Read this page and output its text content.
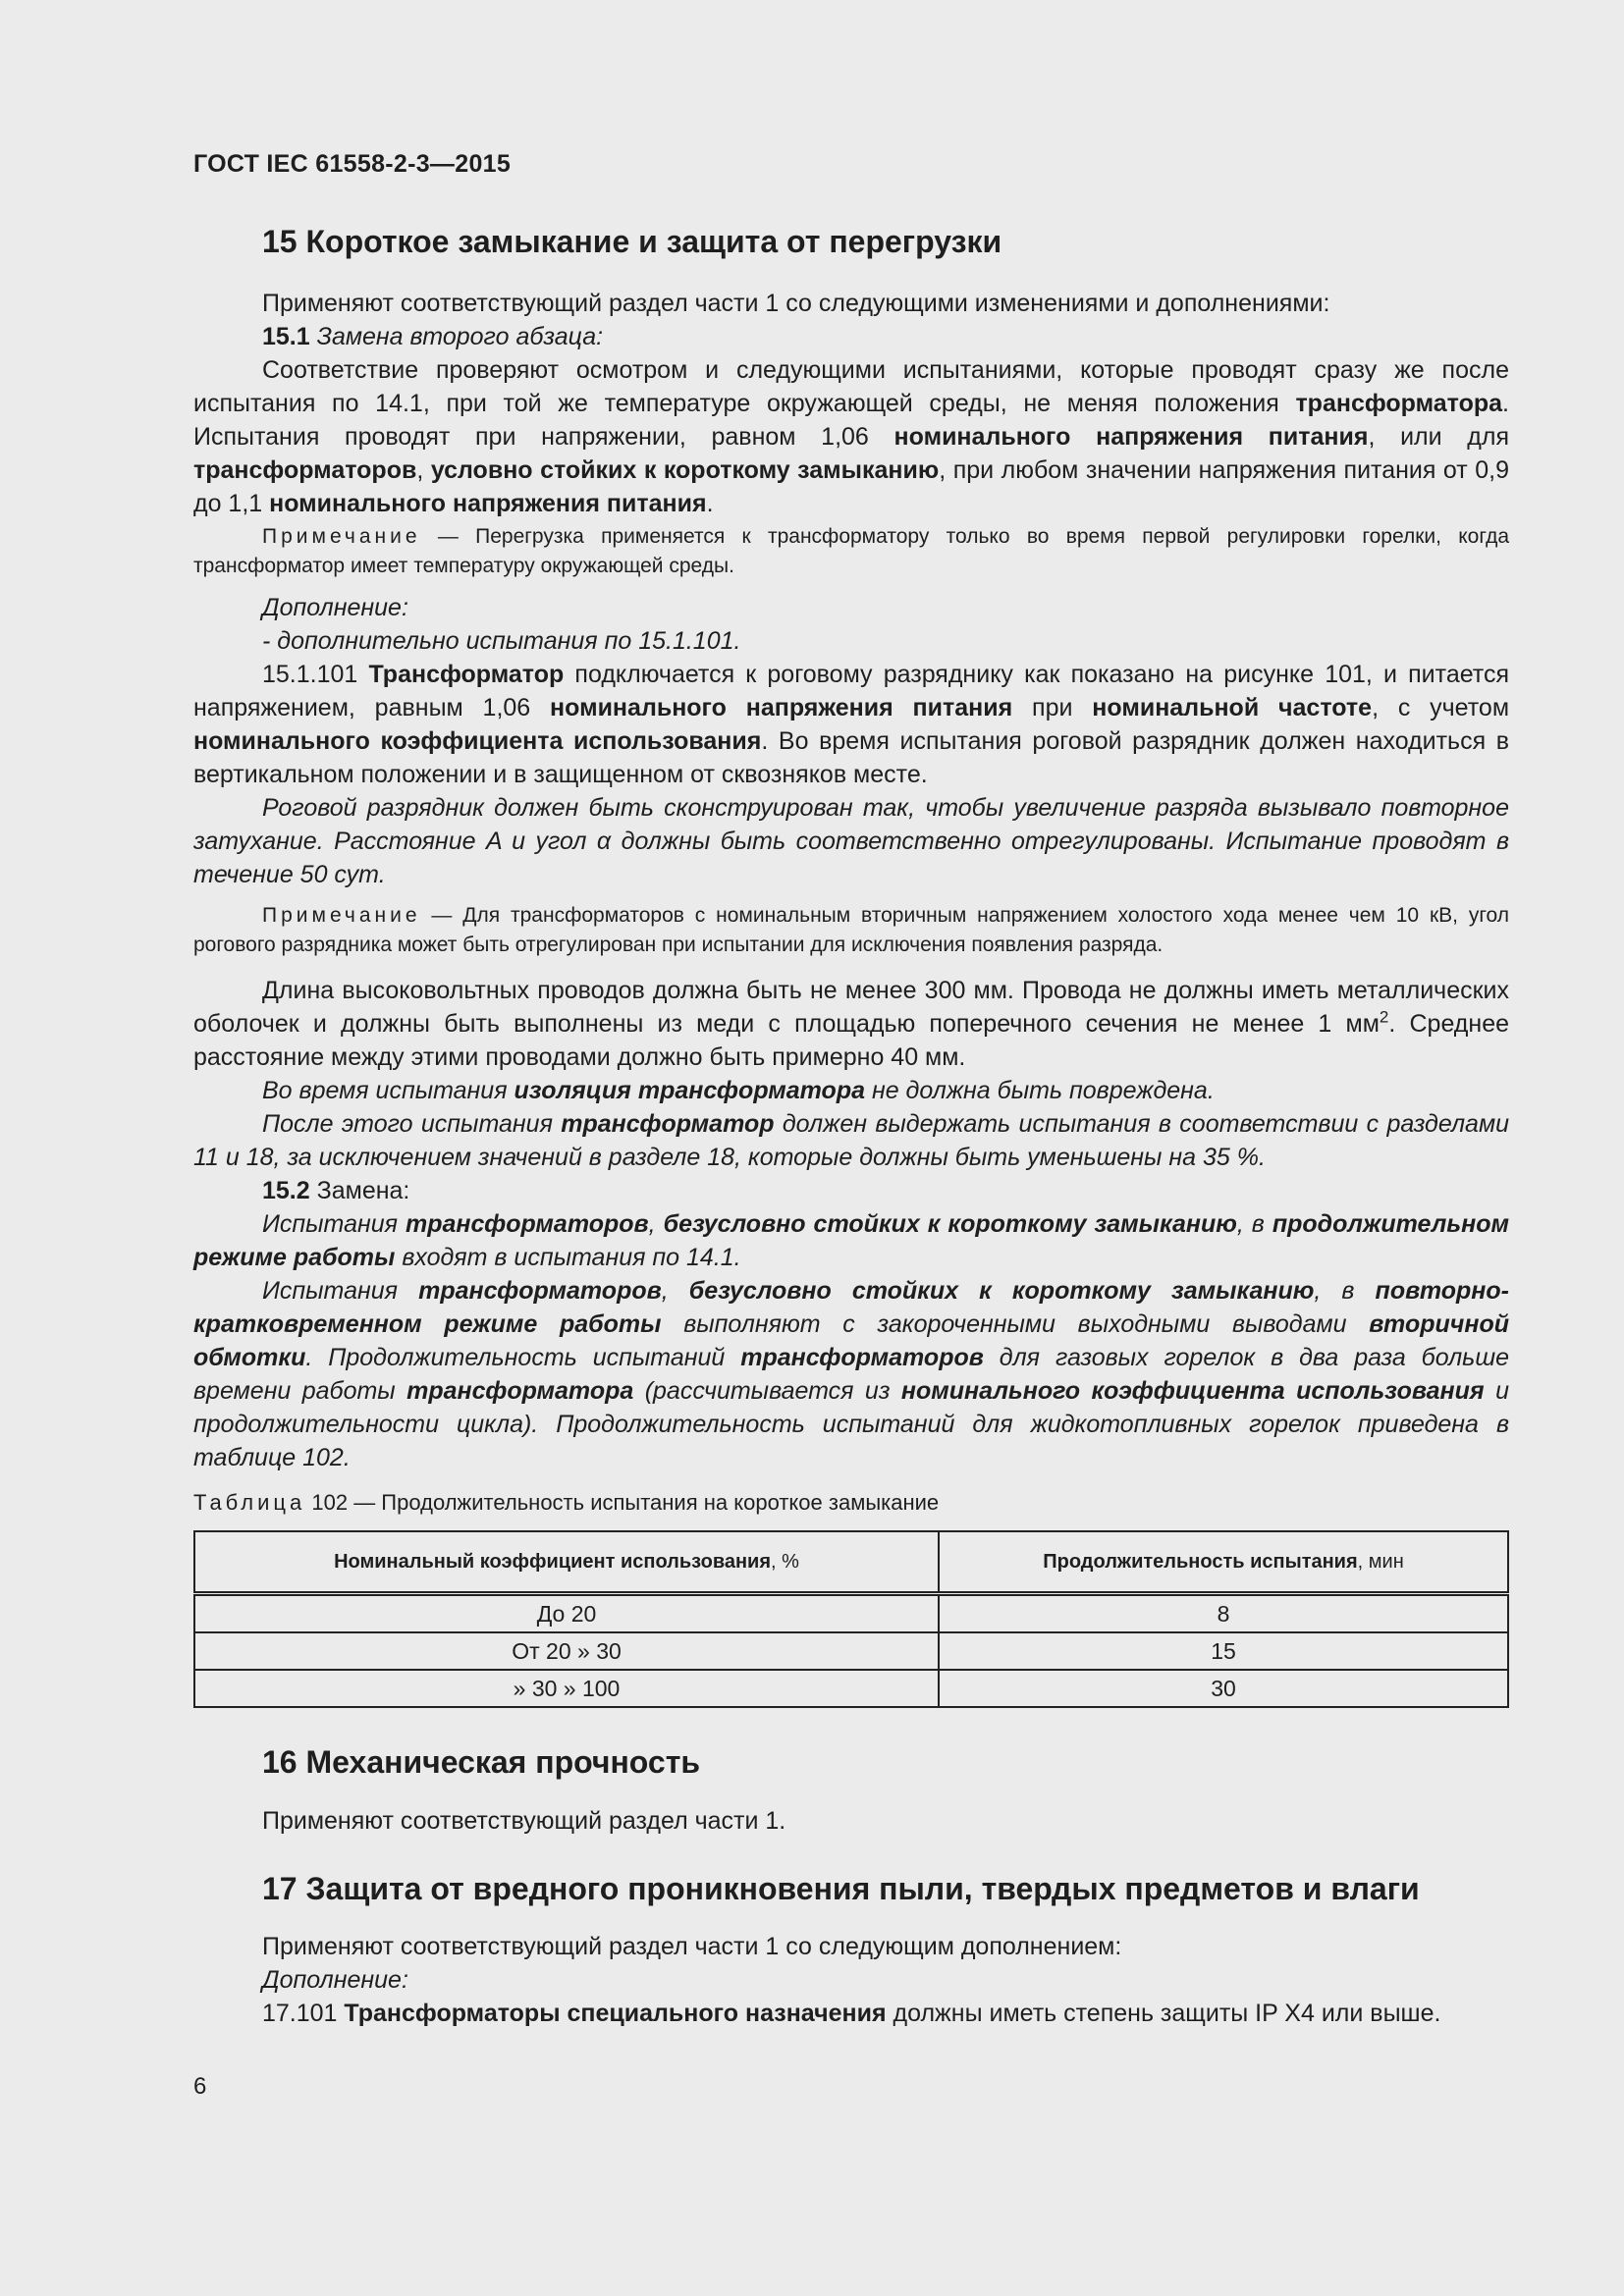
ГОСТ IEC 61558-2-3—2015
15 Короткое замыкание и защита от перегрузки
Применяют соответствующий раздел части 1 со следующими изменениями и дополнениями:
15.1 Замена второго абзаца:
Соответствие проверяют осмотром и следующими испытаниями, которые проводят сразу же после испытания по 14.1, при той же температуре окружающей среды, не меняя положения трансформатора. Испытания проводят при напряжении, равном 1,06 номинального напряжения питания, или для трансформаторов, условно стойких к короткому замыканию, при любом значении напряжения питания от 0,9 до 1,1 номинального напряжения питания.
Примечание — Перегрузка применяется к трансформатору только во время первой регулировки горелки, когда трансформатор имеет температуру окружающей среды.
Дополнение:
- дополнительно испытания по 15.1.101.
15.1.101 Трансформатор подключается к роговому разряднику как показано на рисунке 101, и питается напряжением, равным 1,06 номинального напряжения питания при номинальной частоте, с учетом номинального коэффициента использования. Во время испытания роговой разрядник должен находиться в вертикальном положении и в защищенном от сквозняков месте.
Роговой разрядник должен быть сконструирован так, чтобы увеличение разряда вызывало повторное затухание. Расстояние A и угол α должны быть соответственно отрегулированы. Испытание проводят в течение 50 сут.
Примечание — Для трансформаторов с номинальным вторичным напряжением холостого хода менее чем 10 кВ, угол рогового разрядника может быть отрегулирован при испытании для исключения появления разряда.
Длина высоковольтных проводов должна быть не менее 300 мм. Провода не должны иметь металлических оболочек и должны быть выполнены из меди с площадью поперечного сечения не менее 1 $мм^2$. Среднее расстояние между этими проводами должно быть примерно 40 мм.
Во время испытания изоляция трансформатора не должна быть повреждена.
После этого испытания трансформатор должен выдержать испытания в соответствии с разделами 11 и 18, за исключением значений в разделе 18, которые должны быть уменьшены на 35 %.
15.2 Замена:
Испытания трансформаторов, безусловно стойких к короткому замыканию, в продолжительном режиме работы входят в испытания по 14.1.
Испытания трансформаторов, безусловно стойких к короткому замыканию, в повторно-кратковременном режиме работы выполняют с закороченными выходными выводами вторичной обмотки. Продолжительность испытаний трансформаторов для газовых горелок в два раза больше времени работы трансформатора (рассчитывается из номинального коэффициента использования и продолжительности цикла). Продолжительность испытаний для жидкотопливных горелок приведена в таблице 102.
Таблица 102 — Продолжительность испытания на короткое замыкание
Номинальный коэффициент использования, %	Продолжительность испытания, мин
До 20	8
От 20 » 30	15
» 30 » 100	30
16 Механическая прочность
Применяют соответствующий раздел части 1.
17 Защита от вредного проникновения пыли, твердых предметов и влаги
Применяют соответствующий раздел части 1 со следующим дополнением:
Дополнение:
17.101 Трансформаторы специального назначения должны иметь степень защиты IP X4 или выше.
6
